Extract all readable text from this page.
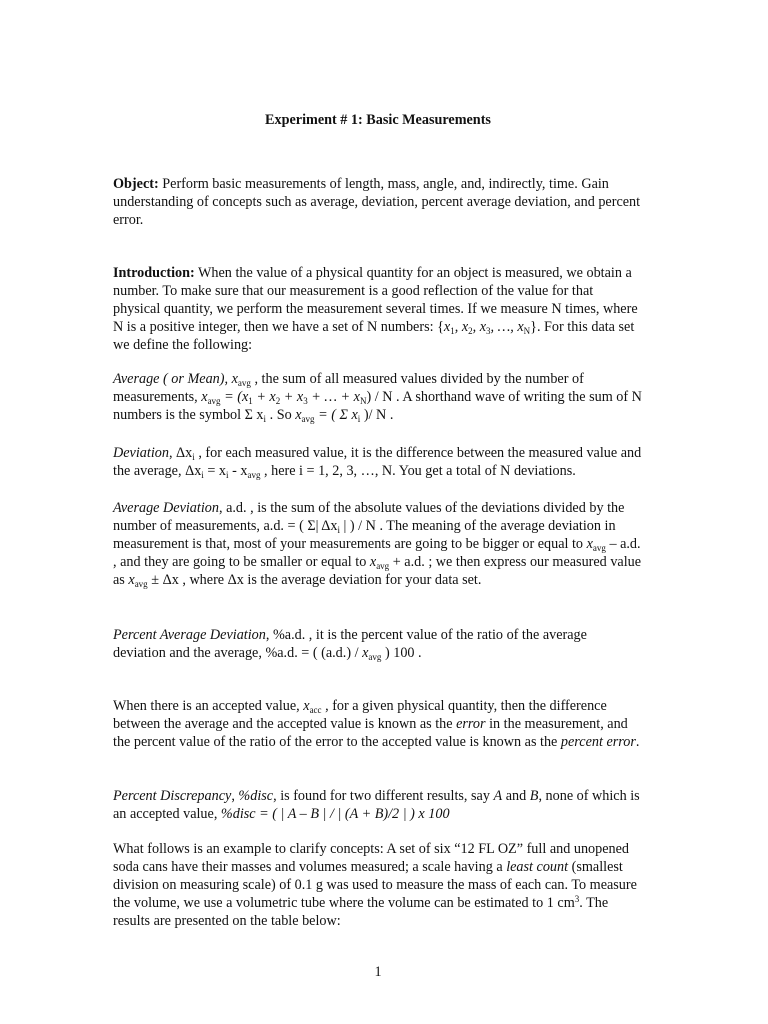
Experiment # 1: Basic Measurements

Object: Perform basic measurements of length, mass, angle, and, indirectly, time. Gain understanding of concepts such as average, deviation, percent average deviation, and percent error.

Introduction: When the value of a physical quantity for an object is measured, we obtain a number. To make sure that our measurement is a good reflection of the value for that physical quantity, we perform the measurement several times. If we measure N times, where N is a positive integer, then we have a set of N numbers: {$x_1$, $x_2$, $x_3$, …, $x_N$}. For this data set we define the following:

Average ( or Mean), $x_{avg}$ , the sum of all measured values divided by the number of measurements, $x_{avg} = (x_1 + x_2 + x_3$ + … + $x_N$) / N . A shorthand wave of writing the sum of N numbers is the symbol Σ $x_i$ . So $x_{avg}$ = ( Σ $x_i$ )/ N .

Deviation, $\Delta x_i$ , for each measured value, it is the difference between the measured value and the average, $\Delta x_i = x_i - x_{avg}$ , here i = 1, 2, 3, …, N. You get a total of N deviations.

Average Deviation, a.d. , is the sum of the absolute values of the deviations divided by the number of measurements, a.d. = ( Σ| $\Delta x_i$ | ) / N . The meaning of the average deviation in measurement is that, most of your measurements are going to be bigger or equal to $x_{avg} - a.d$. , and they are going to be smaller or equal to $x_{avg} + a.d$. ; we then express our measured value as $x_{avg} \pm \Delta x$ , where Δx is the average deviation for your data set.

Percent Average Deviation, %a.d. , it is the percent value of the ratio of the average deviation and the average, %a.d. = ( $(a.d.) / x_{avg}$ ) 100 .

When there is an accepted value, $x_{acc}$ , for a given physical quantity, then the difference between the average and the accepted value is known as the error in the measurement, and the percent value of the ratio of the error to the accepted value is known as the percent error.

Percent Discrepancy, %disc, is found for two different results, say A and B, none of which is an accepted value, %disc = ( | A – B | / | (A + B)/2 | ) x 100

What follows is an example to clarify concepts: A set of six “12 FL OZ” full and unopened soda cans have their masses and volumes measured; a scale having a least count (smallest division on measuring scale) of 0.1 g was used to measure the mass of each can. To measure the volume, we use a volumetric tube where the volume can be estimated to 1 $cm^3$. The results are presented on the table below:

1
